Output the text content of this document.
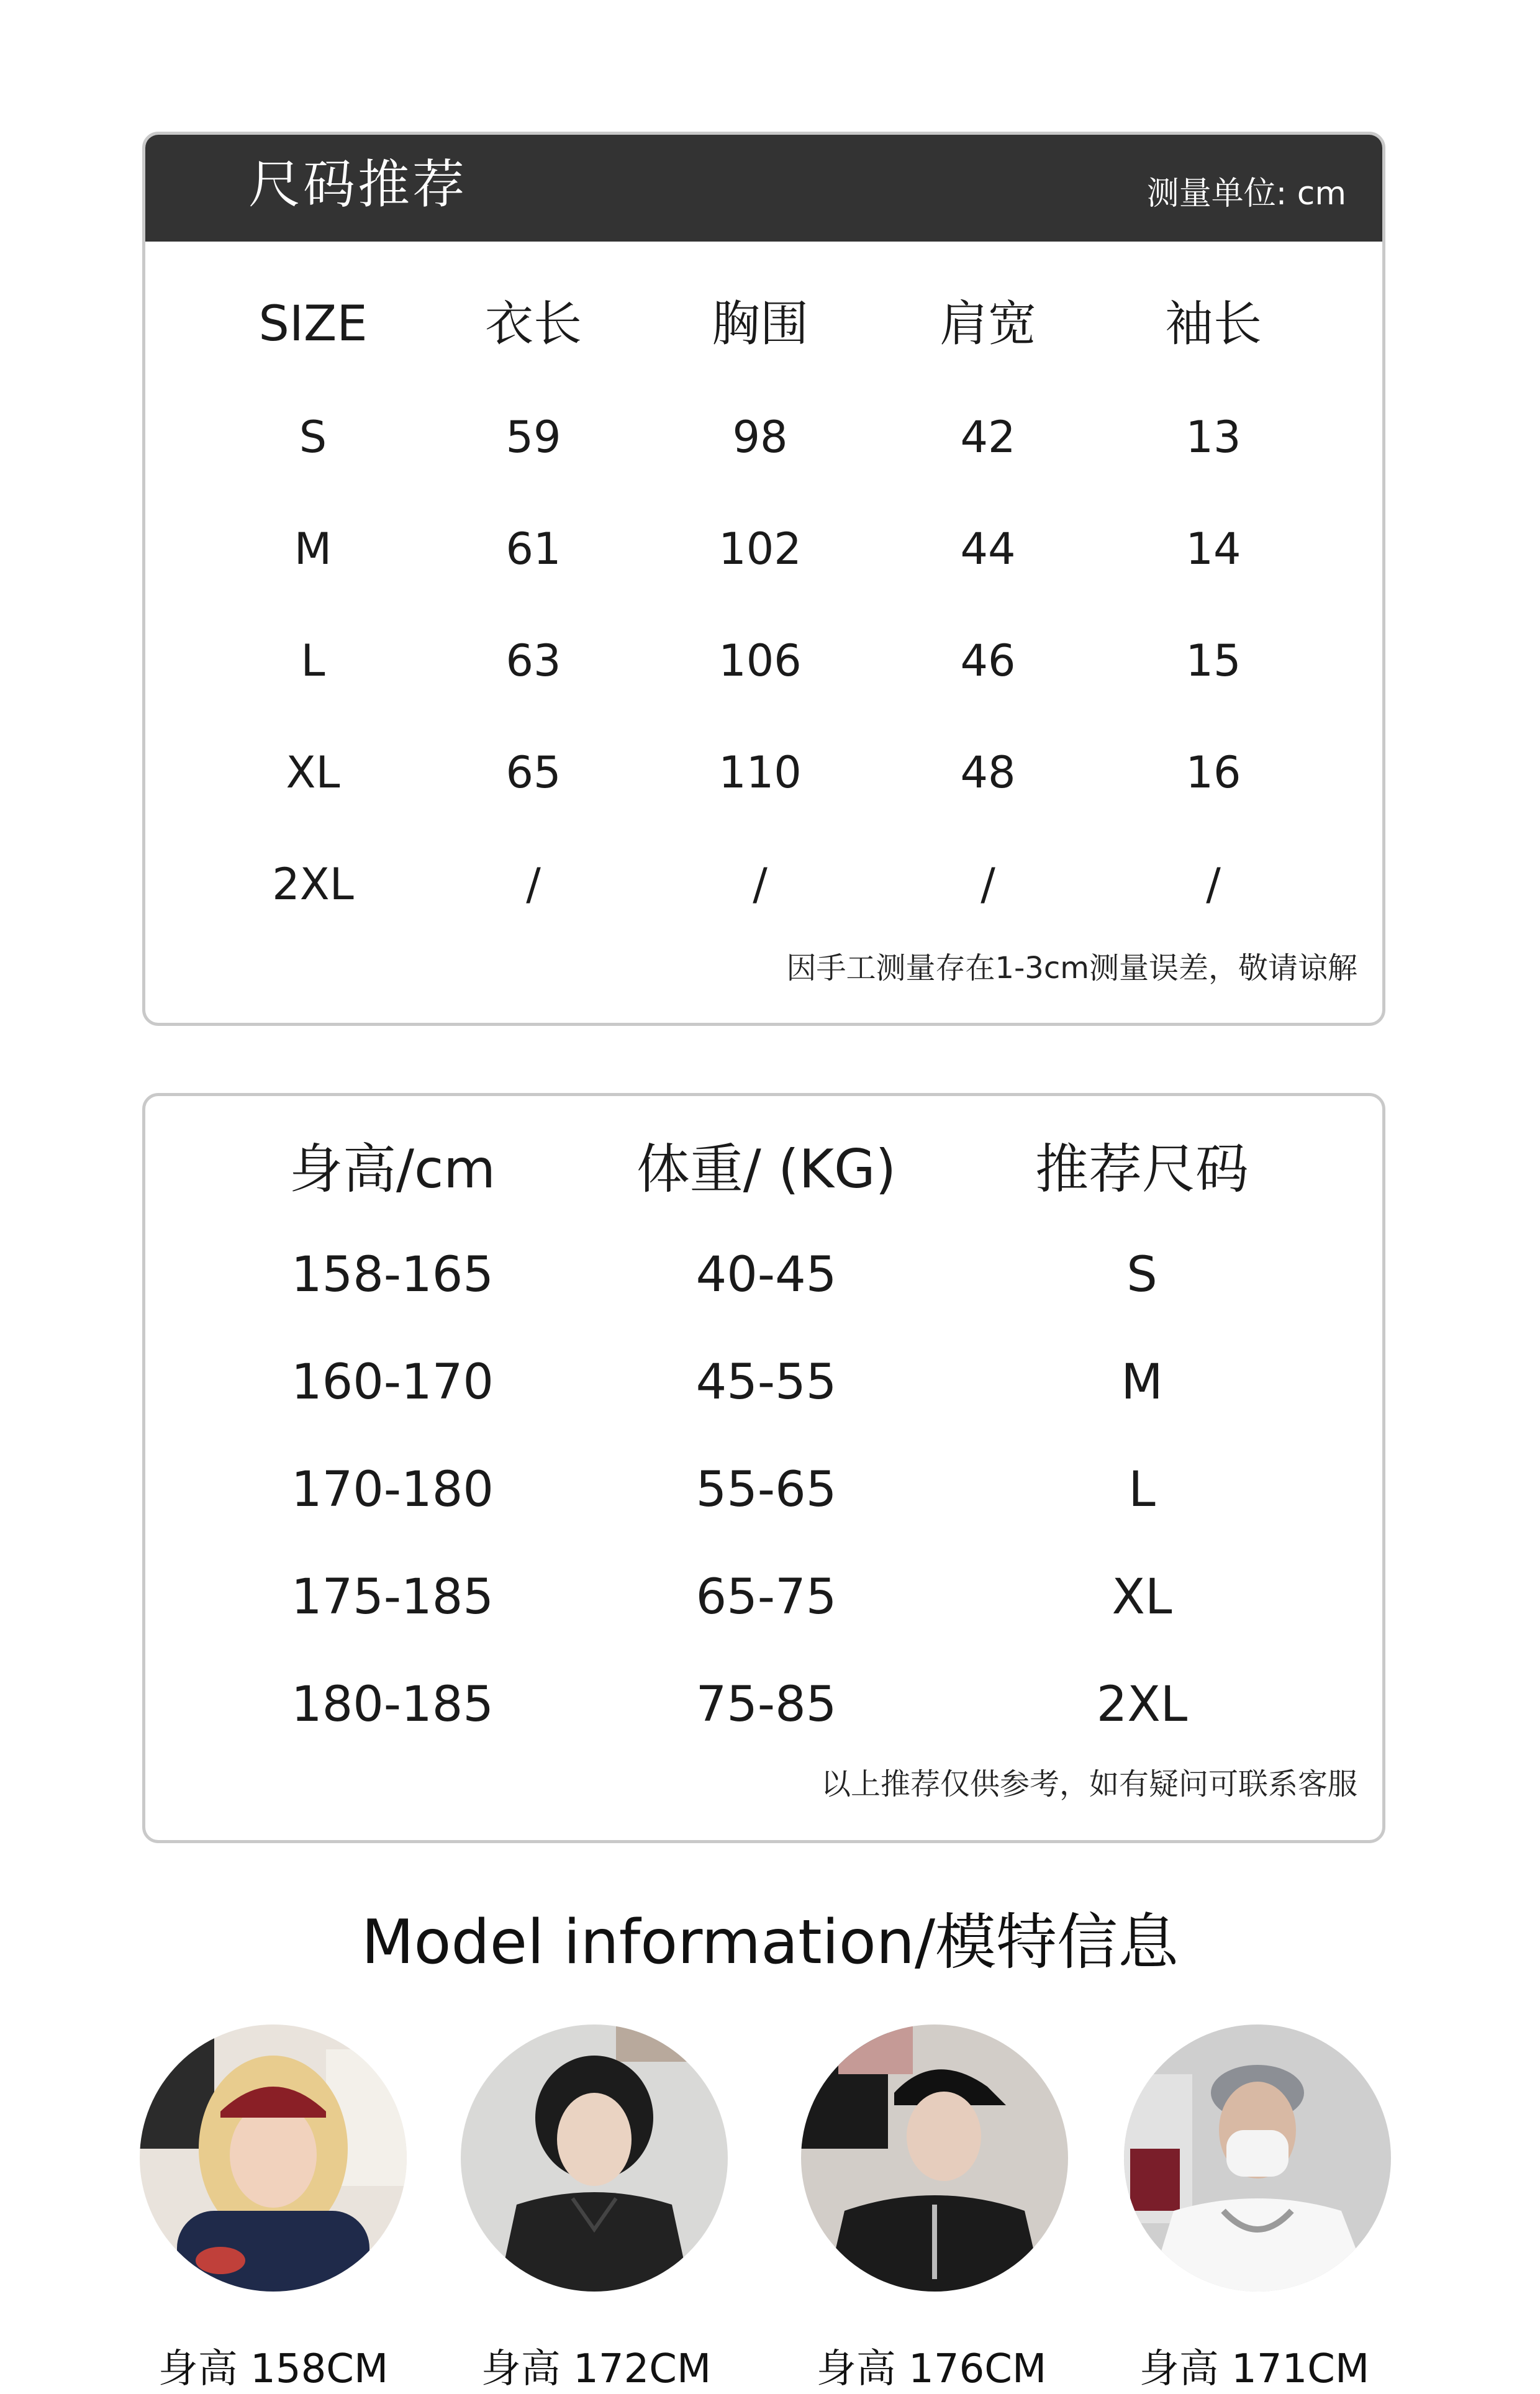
尺码推荐	测量单位: cm
SIZE	衣长	胸围	肩宽	袖长
S	59	98	42	13
M	61	102	44	14
L	63	106	46	15
XL	65	110	48	16
2XL	/	/	/	/
因手工测量存在1-3cm测量误差，敬请谅解
身高/cm	体重/ (KG)	推荐尺码
158-165	40-45	S
160-170	45-55	M
170-180	55-65	L
175-185	65-75	XL
180-185	75-85	2XL
以上推荐仅供参考，如有疑问可联系客服
Model information/模特信息
身高 158CM	身高 172CM	身高 176CM	身高 171CM
